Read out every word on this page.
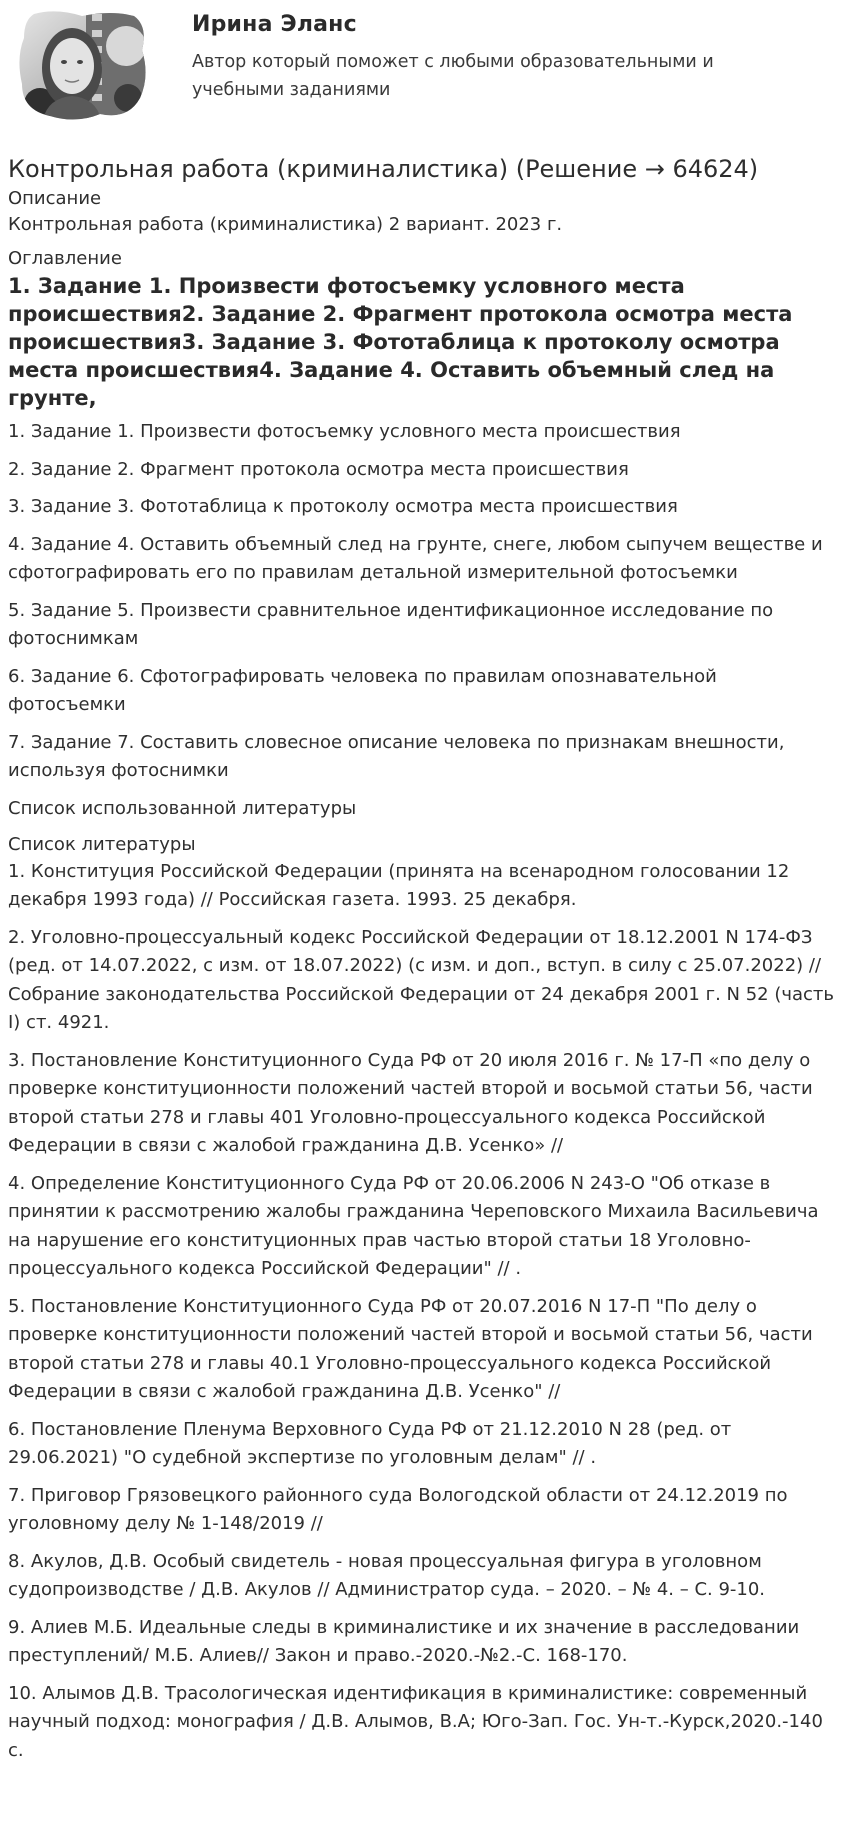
Ирина Эланс
Автор который поможет с любыми образовательными и учебными заданиями
Контрольная работа (криминалистика) (Решение → 64624)
Описание
Контрольная работа (криминалистика) 2 вариант. 2023 г.
Оглавление
1. Задание 1. Произвести фотосъемку условного места происшествия2. Задание 2. Фрагмент протокола осмотра места происшествия3. Задание 3. Фототаблица к протоколу осмотра места происшествия4. Задание 4. Оставить объемный след на грунте,
1. Задание 1. Произвести фотосъемку условного места происшествия
2. Задание 2. Фрагмент протокола осмотра места происшествия
3. Задание 3. Фототаблица к протоколу осмотра места происшествия
4. Задание 4. Оставить объемный след на грунте, снеге, любом сыпучем веществе и сфотографировать его по правилам детальной измерительной фотосъемки
5. Задание 5. Произвести сравнительное идентификационное исследование по фотоснимкам
6. Задание 6. Сфотографировать человека по правилам опознавательной фотосъемки
7. Задание 7. Составить словесное описание человека по признакам внешности, используя фотоснимки
Список использованной литературы
Список литературы
1. Конституция Российской Федерации (принята на всенародном голосовании 12 декабря 1993 года) // Российская газета. 1993. 25 декабря.
2. Уголовно-процессуальный кодекс Российской Федерации от 18.12.2001 N 174-ФЗ (ред. от 14.07.2022, с изм. от 18.07.2022) (с изм. и доп., вступ. в силу с 25.07.2022) // Собрание законодательства Российской Федерации от 24 декабря 2001 г. N 52 (часть I) ст. 4921.
3. Постановление Конституционного Суда РФ от 20 июля 2016 г. № 17-П «по делу о проверке конституционности положений частей второй и восьмой статьи 56, части второй статьи 278 и главы 401 Уголовно-процессуального кодекса Российской Федерации в связи с жалобой гражданина Д.В. Усенко» //
4. Определение Конституционного Суда РФ от 20.06.2006 N 243-О "Об отказе в принятии к рассмотрению жалобы гражданина Череповского Михаила Васильевича на нарушение его конституционных прав частью второй статьи 18 Уголовно-процессуального кодекса Российской Федерации" // .
5. Постановление Конституционного Суда РФ от 20.07.2016 N 17-П "По делу о проверке конституционности положений частей второй и восьмой статьи 56, части второй статьи 278 и главы 40.1 Уголовно-процессуального кодекса Российской Федерации в связи с жалобой гражданина Д.В. Усенко" //
6. Постановление Пленума Верховного Суда РФ от 21.12.2010 N 28 (ред. от 29.06.2021) "О судебной экспертизе по уголовным делам" // .
7. Приговор Грязовецкого районного суда Вологодской области от 24.12.2019 по уголовному делу № 1-148/2019 //
8. Акулов, Д.В. Особый свидетель - новая процессуальная фигура в уголовном судопроизводстве / Д.В. Акулов // Администратор суда. – 2020. – № 4. – С. 9-10.
9. Алиев М.Б. Идеальные следы в криминалистике и их значение в расследовании преступлений/ М.Б. Алиев// Закон и право.-2020.-№2.-С. 168-170.
10. Алымов Д.В. Трасологическая идентификация в криминалистике: современный научный подход: монография / Д.В. Алымов, В.А; Юго-Зап. Гос. Ун-т.-Курск,2020.-140 с.
